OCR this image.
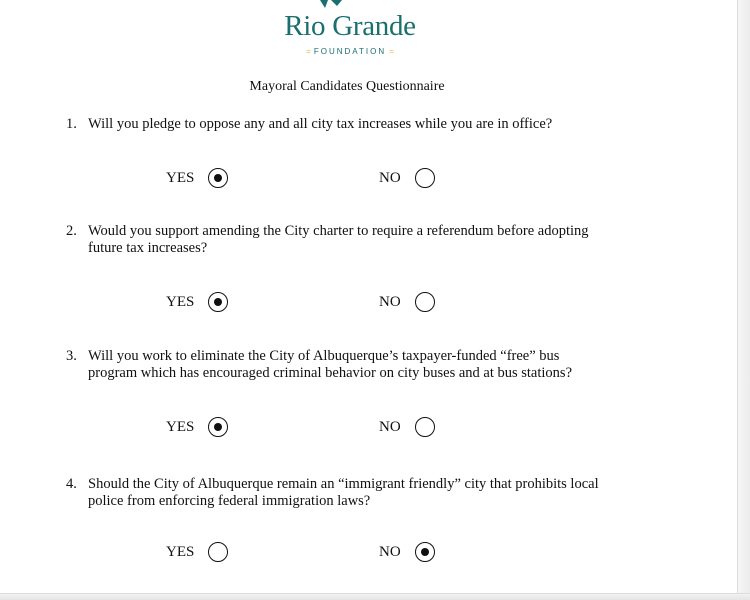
Rio Grande
= FOUNDATION =
Mayoral Candidates Questionnaire
1. Will you pledge to oppose any and all city tax increases while you are in office?
YES	NO
2. Would you support amending the City charter to require a referendum before adopting
future tax increases?
YES	NO
3. Will you work to eliminate the City of Albuquerque’s taxpayer-funded “free” bus
program which has encouraged criminal behavior on city buses and at bus stations?
YES	NO
4. Should the City of Albuquerque remain an “immigrant friendly” city that prohibits local
police from enforcing federal immigration laws?
YES	NO
